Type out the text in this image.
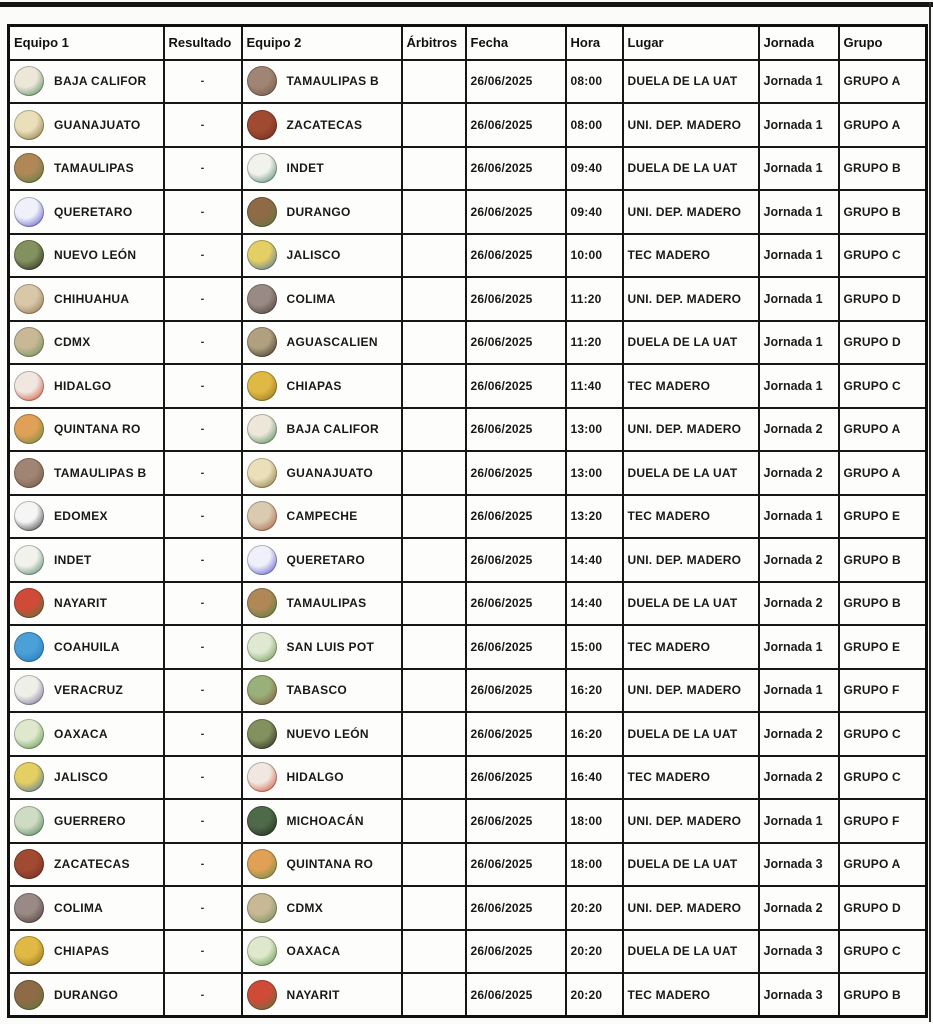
Equipo 1	Resultado	Equipo 2	Árbitros	Fecha	Hora	Lugar	Jornada	Grupo
BAJA CALIFOR	-	TAMAULIPAS B		26/06/2025	08:00	DUELA DE LA UAT	Jornada 1	GRUPO A
GUANAJUATO	-	ZACATECAS		26/06/2025	08:00	UNI. DEP. MADERO	Jornada 1	GRUPO A
TAMAULIPAS	-	INDET		26/06/2025	09:40	DUELA DE LA UAT	Jornada 1	GRUPO B
QUERETARO	-	DURANGO		26/06/2025	09:40	UNI. DEP. MADERO	Jornada 1	GRUPO B
NUEVO LEÓN	-	JALISCO		26/06/2025	10:00	TEC MADERO	Jornada 1	GRUPO C
CHIHUAHUA	-	COLIMA		26/06/2025	11:20	UNI. DEP. MADERO	Jornada 1	GRUPO D
CDMX	-	AGUASCALIEN		26/06/2025	11:20	DUELA DE LA UAT	Jornada 1	GRUPO D
HIDALGO	-	CHIAPAS		26/06/2025	11:40	TEC MADERO	Jornada 1	GRUPO C
QUINTANA RO	-	BAJA CALIFOR		26/06/2025	13:00	UNI. DEP. MADERO	Jornada 2	GRUPO A
TAMAULIPAS B	-	GUANAJUATO		26/06/2025	13:00	DUELA DE LA UAT	Jornada 2	GRUPO A
EDOMEX	-	CAMPECHE		26/06/2025	13:20	TEC MADERO	Jornada 1	GRUPO E
INDET	-	QUERETARO		26/06/2025	14:40	UNI. DEP. MADERO	Jornada 2	GRUPO B
NAYARIT	-	TAMAULIPAS		26/06/2025	14:40	DUELA DE LA UAT	Jornada 2	GRUPO B
COAHUILA	-	SAN LUIS POT		26/06/2025	15:00	TEC MADERO	Jornada 1	GRUPO E
VERACRUZ	-	TABASCO		26/06/2025	16:20	UNI. DEP. MADERO	Jornada 1	GRUPO F
OAXACA	-	NUEVO LEÓN		26/06/2025	16:20	DUELA DE LA UAT	Jornada 2	GRUPO C
JALISCO	-	HIDALGO		26/06/2025	16:40	TEC MADERO	Jornada 2	GRUPO C
GUERRERO	-	MICHOACÁN		26/06/2025	18:00	UNI. DEP. MADERO	Jornada 1	GRUPO F
ZACATECAS	-	QUINTANA RO		26/06/2025	18:00	DUELA DE LA UAT	Jornada 3	GRUPO A
COLIMA	-	CDMX		26/06/2025	20:20	UNI. DEP. MADERO	Jornada 2	GRUPO D
CHIAPAS	-	OAXACA		26/06/2025	20:20	DUELA DE LA UAT	Jornada 3	GRUPO C
DURANGO	-	NAYARIT		26/06/2025	20:20	TEC MADERO	Jornada 3	GRUPO B
